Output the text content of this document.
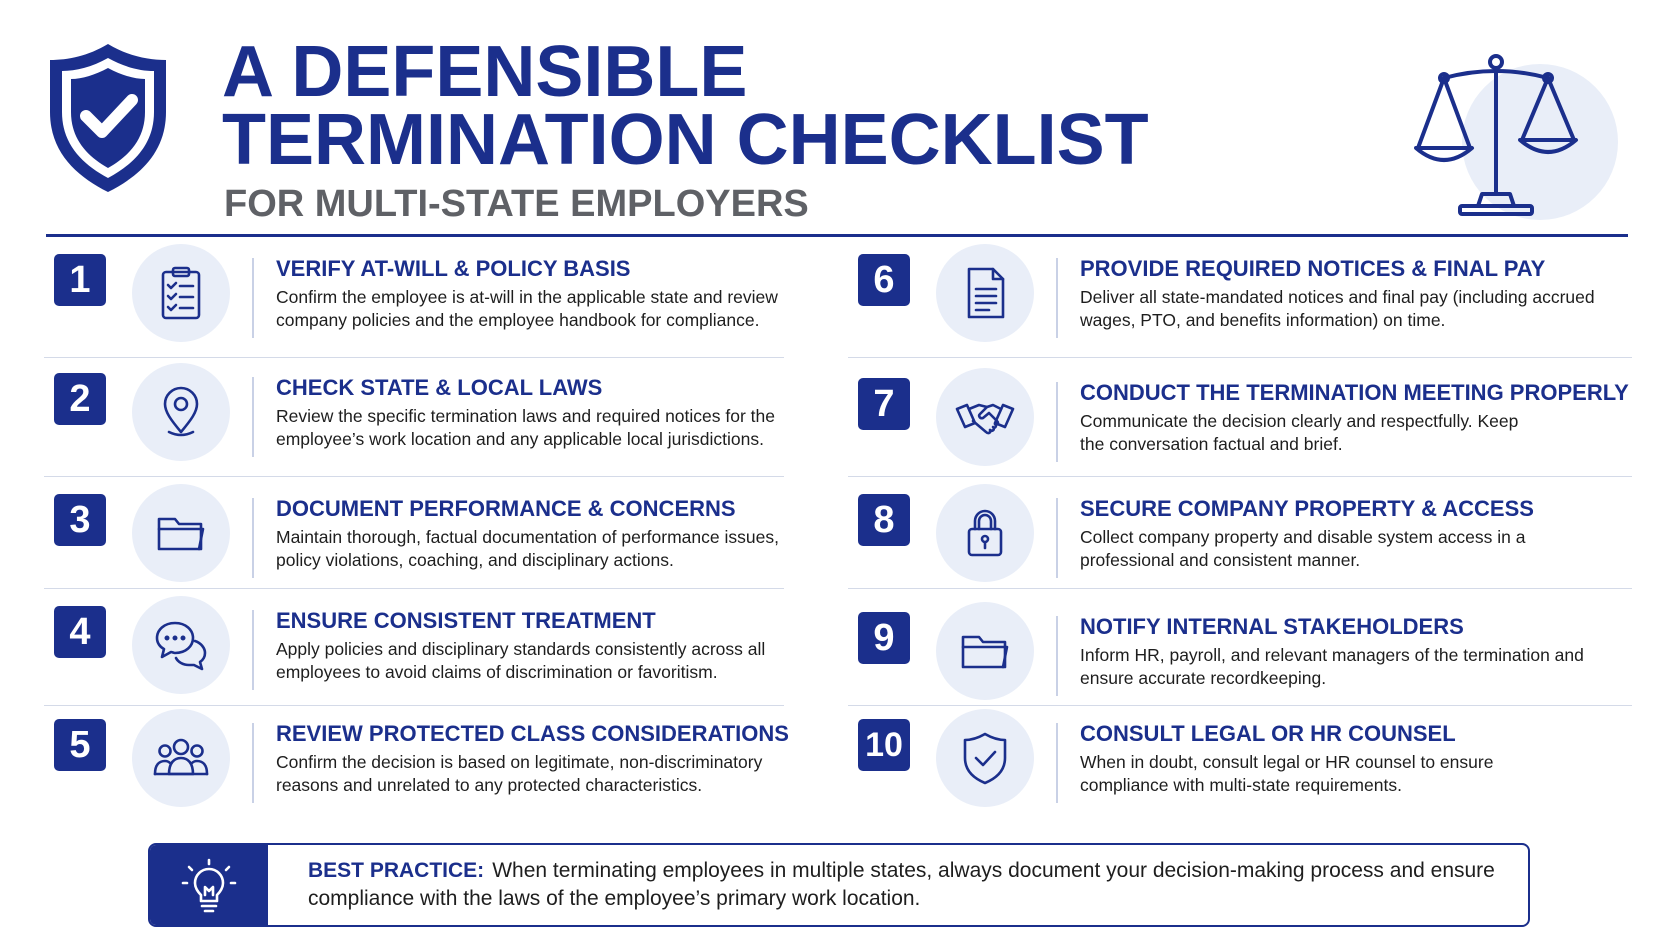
A DEFENSIBLE
TERMINATION CHECKLIST
FOR MULTI-STATE EMPLOYERS
1	VERIFY AT-WILL & POLICY BASIS
Confirm the employee is at-will in the applicable state and review company policies and the employee handbook for compliance.
2	CHECK STATE & LOCAL LAWS
Review the specific termination laws and required notices for the employee’s work location and any applicable local jurisdictions.
3	DOCUMENT PERFORMANCE & CONCERNS
Maintain thorough, factual documentation of performance issues, policy violations, coaching, and disciplinary actions.
4	ENSURE CONSISTENT TREATMENT
Apply policies and disciplinary standards consistently across all employees to avoid claims of discrimination or favoritism.
5	REVIEW PROTECTED CLASS CONSIDERATIONS
Confirm the decision is based on legitimate, non-discriminatory reasons and unrelated to any protected characteristics.
6	PROVIDE REQUIRED NOTICES & FINAL PAY
Deliver all state-mandated notices and final pay (including accrued wages, PTO, and benefits information) on time.
7	CONDUCT THE TERMINATION MEETING PROPERLY
Communicate the decision clearly and respectfully. Keep the conversation factual and brief.
8	SECURE COMPANY PROPERTY & ACCESS
Collect company property and disable system access in a professional and consistent manner.
9	NOTIFY INTERNAL STAKEHOLDERS
Inform HR, payroll, and relevant managers of the termination and ensure accurate recordkeeping.
10	CONSULT LEGAL OR HR COUNSEL
When in doubt, consult legal or HR counsel to ensure compliance with multi-state requirements.
BEST PRACTICE: When terminating employees in multiple states, always document your decision-making process and ensure compliance with the laws of the employee’s primary work location.
